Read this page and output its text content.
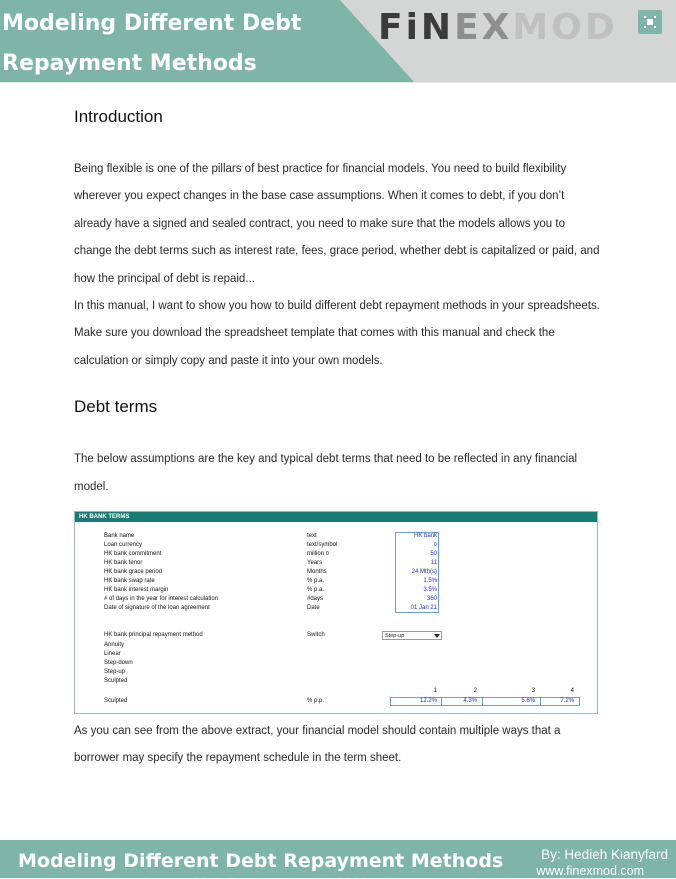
Modeling Different Debt
Repayment Methods
FiNEXMOD
Introduction

Being flexible is one of the pillars of best practice for financial models. You need to build flexibility wherever you expect changes in the base case assumptions. When it comes to debt, if you don’t already have a signed and sealed contract, you need to make sure that the models allows you to change the debt terms such as interest rate, fees, grace period, whether debt is capitalized or paid, and how the principal of debt is repaid...

In this manual, I want to show you how to build different debt repayment methods in your spreadsheets.

Make sure you download the spreadsheet template that comes with this manual and check the calculation or simply copy and paste it into your own models.

Debt terms

The below assumptions are the key and typical debt terms that need to be reflected in any financial model.

HK BANK TERMS
Bank name	text	HK bank
Loan currency	text/symbol	¤
HK bank commitment	million ¤	50
HK bank tenor	Years	11
HK bank grace period	Months	24 Mth(s)
HK bank swap rate	% p.a.	1.5%
HK bank interest margin	% p.a.	3.5%
# of days in the year for interest calculation	#days	360
Date of signature of the loan agreement	Date	01 Jan 21
HK bank principal repayment method	Switch	Step-up
Annuity
Linear
Step-down
Step-up
Sculpted
1	2	3	4
Sculpted	% p.p.	12.2%	4.3%	5.6%	7.2%

As you can see from the above extract, your financial model should contain multiple ways that a borrower may specify the repayment schedule in the term sheet.

Modeling Different Debt Repayment Methods	By: Hedieh Kianyfard
www.finexmod.com
